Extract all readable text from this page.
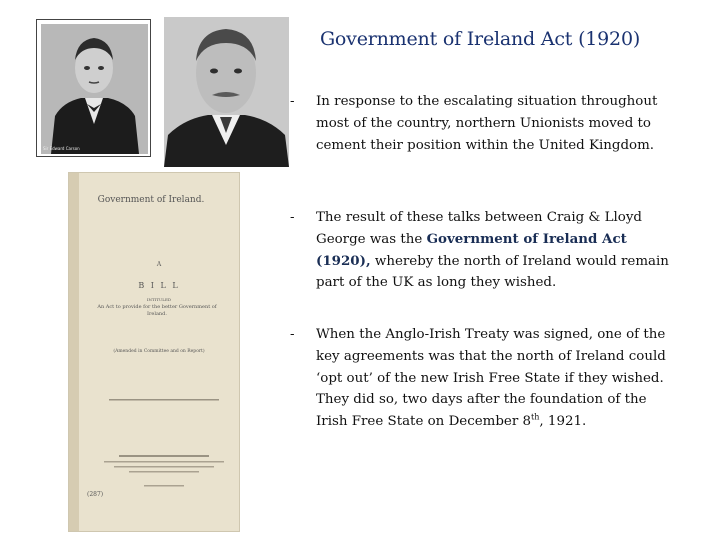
Sir Edward Carson
Government of Ireland.
A
B I L L
INTITULED
An Act to provide for the better Government of Ireland.
(Amended in Committee and on Report)
(287)
Government of Ireland Act (1920)
- In response to the escalating situation throughout most of the country, northern Unionists moved to cement their position within the United Kingdom.
- The result of these talks between Craig & Lloyd George was the Government of Ireland Act (1920), whereby the north of Ireland would remain part of the UK as long they wished.
- When the Anglo-Irish Treaty was signed, one of the key agreements was that the north of Ireland could ‘opt out’ of the new Irish Free State if they wished. They did so, two days after the foundation of the Irish Free State on December 8th, 1921.
